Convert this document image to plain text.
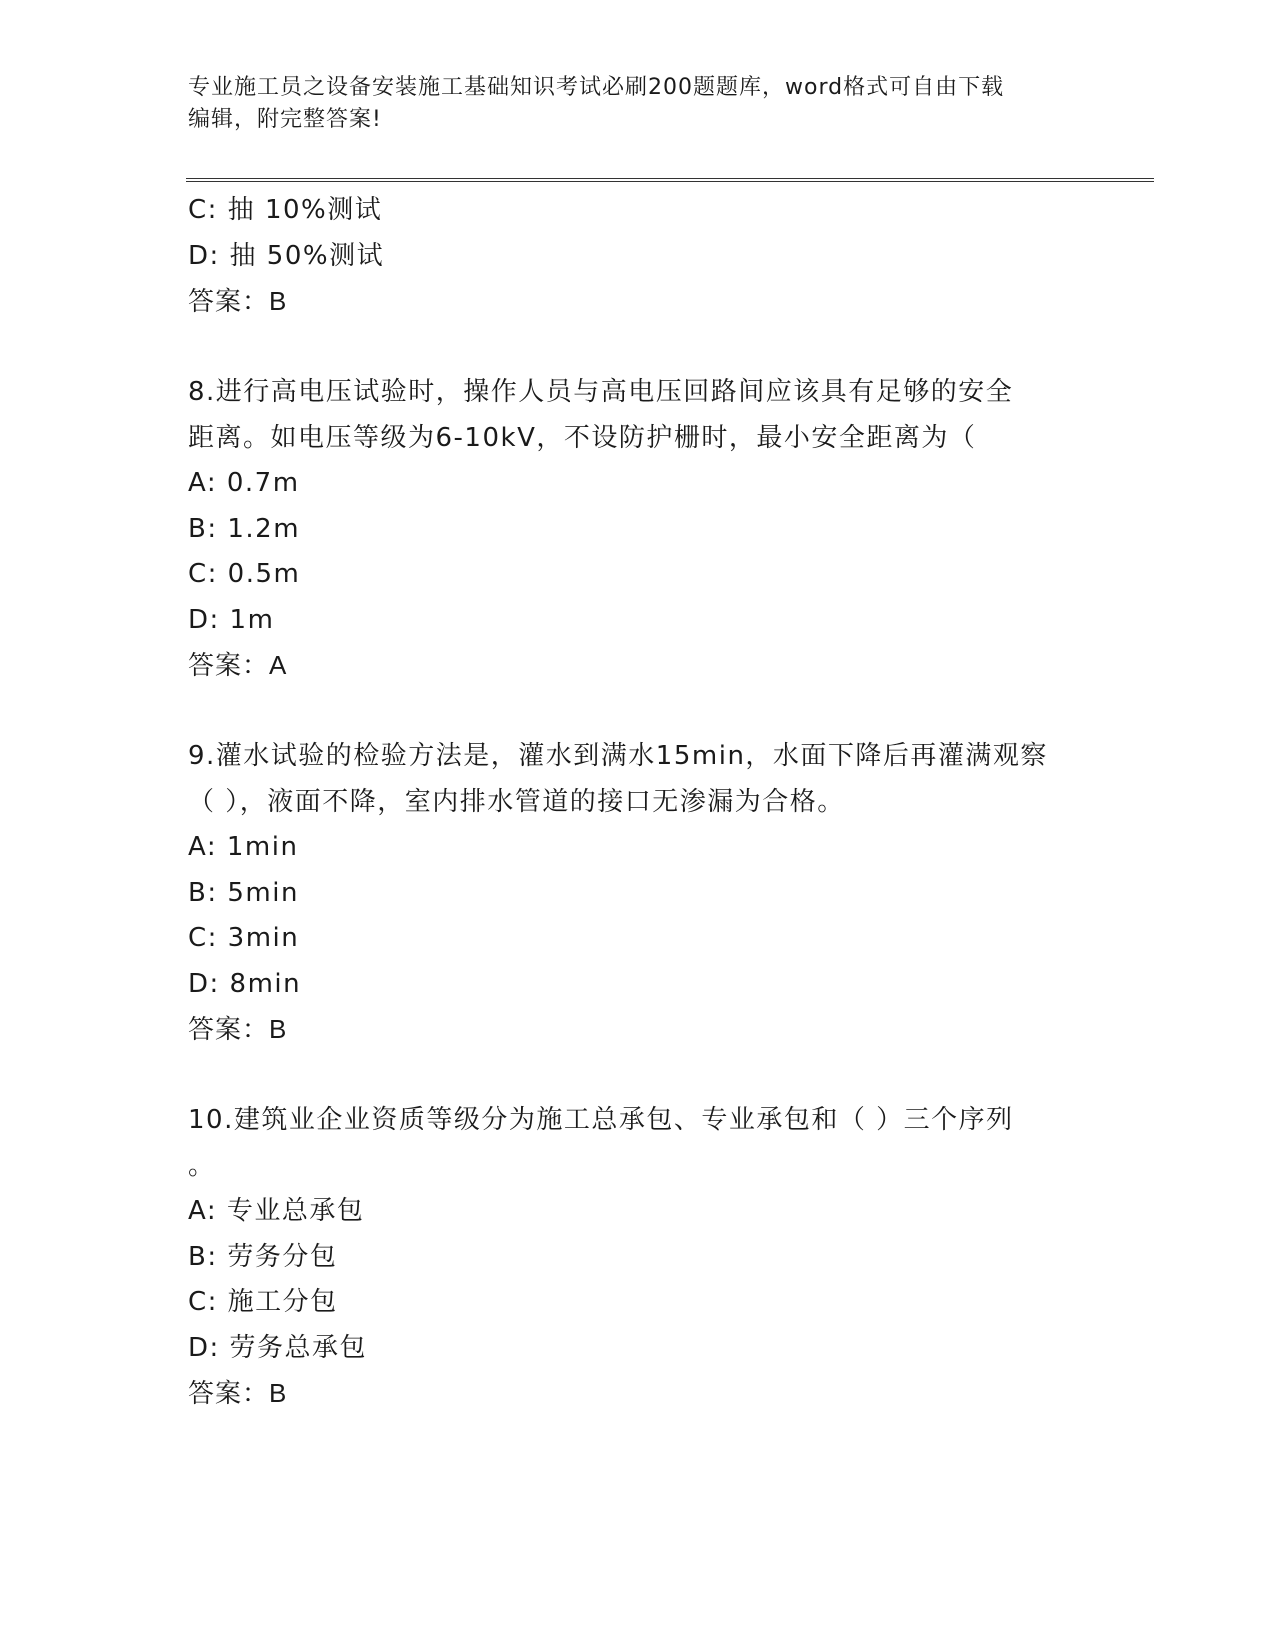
专业施工员之设备安装施工基础知识考试必刷200题题库，word格式可自由下载
编辑，附完整答案!
C: 抽 10%测试
D: 抽 50%测试
答案：B
8.进行高电压试验时，操作人员与高电压回路间应该具有足够的安全
距离。如电压等级为6-10kV，不设防护栅时，最小安全距离为（
A: 0.7m
B: 1.2m
C: 0.5m
D: 1m
答案：A
9.灌水试验的检验方法是，灌水到满水15min，水面下降后再灌满观察
（ ），液面不降，室内排水管道的接口无渗漏为合格。
A: 1min
B: 5min
C: 3min
D: 8min
答案：B
10.建筑业企业资质等级分为施工总承包、专业承包和（ ）三个序列
。
A: 专业总承包
B: 劳务分包
C: 施工分包
D: 劳务总承包
答案：B
